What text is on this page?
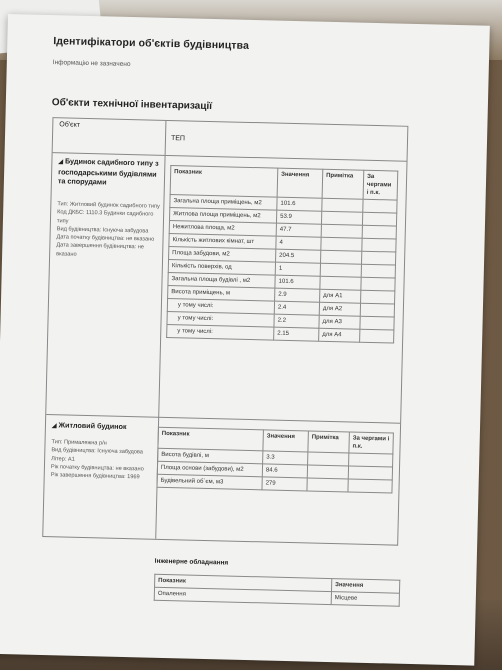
Ідентифікатори об'єктів будівництва
Інформацію не зазначено
Об'єкти технічної інвентаризації
Об'єкт
ТЕП
◢ Будинок садибного типу з господарськими будівлями та спорудами
Тип: Житловий будинок садибного типу
Код ДКБС: 1110.3 Будинки садибного типу
Вид будівництва: Існуюча забудова
Дата початку будівництва: не вказано
Дата завершення будівництва: не вказано
Показник	Значення	Примітка	За чергами і п.к.
Загальна площа приміщень, м2	101.6		
Житлова площа приміщень, м2	53.9		
Нежитлова площа, м2	47.7		
Кількість житлових кімнат, шт	4		
Площа забудови, м2	204.5		
Кількість поверхів, од	1		
Загальна площа будівлі , м2	101.6		
Висота приміщень, м	2.9	для А1	
у тому числі:	2.4	для А2	
у тому числі:	2.2	для А3	
у тому числі:	2.15	для А4	
◢ Житловий будинок
Тип: Прималежна р/н
Вид будівництва: Існуюча забудова
Літер: А1
Рік початку будівництва: не вказано
Рік завершення будівництва: 1969
Показник	Значення	Примітка	За чергами і п.к.
Висота будівлі, м	3.3		
Площа основи (забудови), м2	84.6		
Будівельний об`єм, м3	279		
Інженерне обладнання
Показник	Значення
Опалення	Місцеве
